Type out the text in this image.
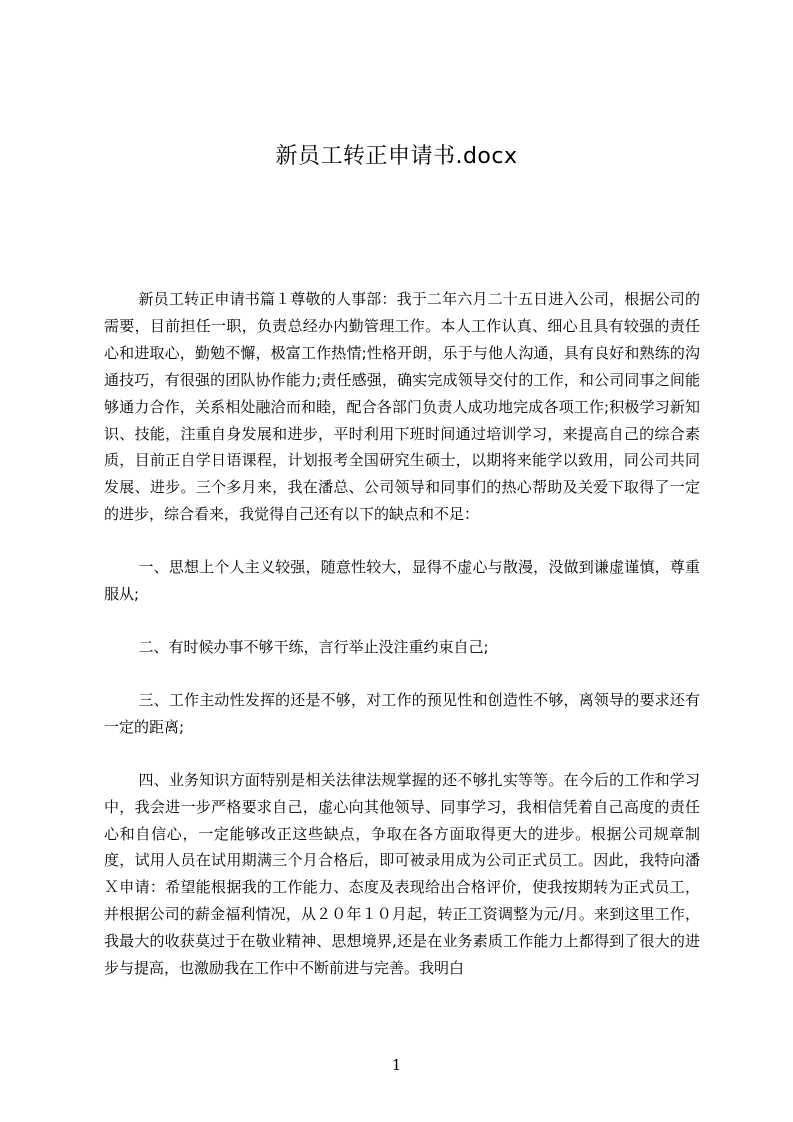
新员工转正申请书.docx

新员工转正申请书篇１尊敬的人事部：我于二年六月二十五日进入公司，根据公司的需要，目前担任一职，负责总经办内勤管理工作。本人工作认真、细心且具有较强的责任心和进取心，勤勉不懈，极富工作热情;性格开朗，乐于与他人沟通，具有良好和熟练的沟通技巧，有很强的团队协作能力;责任感强，确实完成领导交付的工作，和公司同事之间能够通力合作，关系相处融洽而和睦，配合各部门负责人成功地完成各项工作;积极学习新知识、技能，注重自身发展和进步，平时利用下班时间通过培训学习，来提高自己的综合素质，目前正自学日语课程，计划报考全国研究生硕士，以期将来能学以致用，同公司共同发展、进步。三个多月来，我在潘总、公司领导和同事们的热心帮助及关爱下取得了一定的进步，综合看来，我觉得自己还有以下的缺点和不足：

一、思想上个人主义较强，随意性较大，显得不虚心与散漫，没做到谦虚谨慎，尊重服从;

二、有时候办事不够干练，言行举止没注重约束自己;

三、工作主动性发挥的还是不够，对工作的预见性和创造性不够，离领导的要求还有一定的距离;

四、业务知识方面特别是相关法律法规掌握的还不够扎实等等。在今后的工作和学习中，我会进一步严格要求自己，虚心向其他领导、同事学习，我相信凭着自己高度的责任心和自信心，一定能够改正这些缺点，争取在各方面取得更大的进步。根据公司规章制度，试用人员在试用期满三个月合格后，即可被录用成为公司正式员工。因此，我特向潘Ｘ申请：希望能根据我的工作能力、态度及表现给出合格评价，使我按期转为正式员工，并根据公司的薪金福利情况，从２０年１０月起，转正工资调整为元/月。来到这里工作，我最大的收获莫过于在敬业精神、思想境界,还是在业务素质工作能力上都得到了很大的进步与提高，也激励我在工作中不断前进与完善。我明白

1
